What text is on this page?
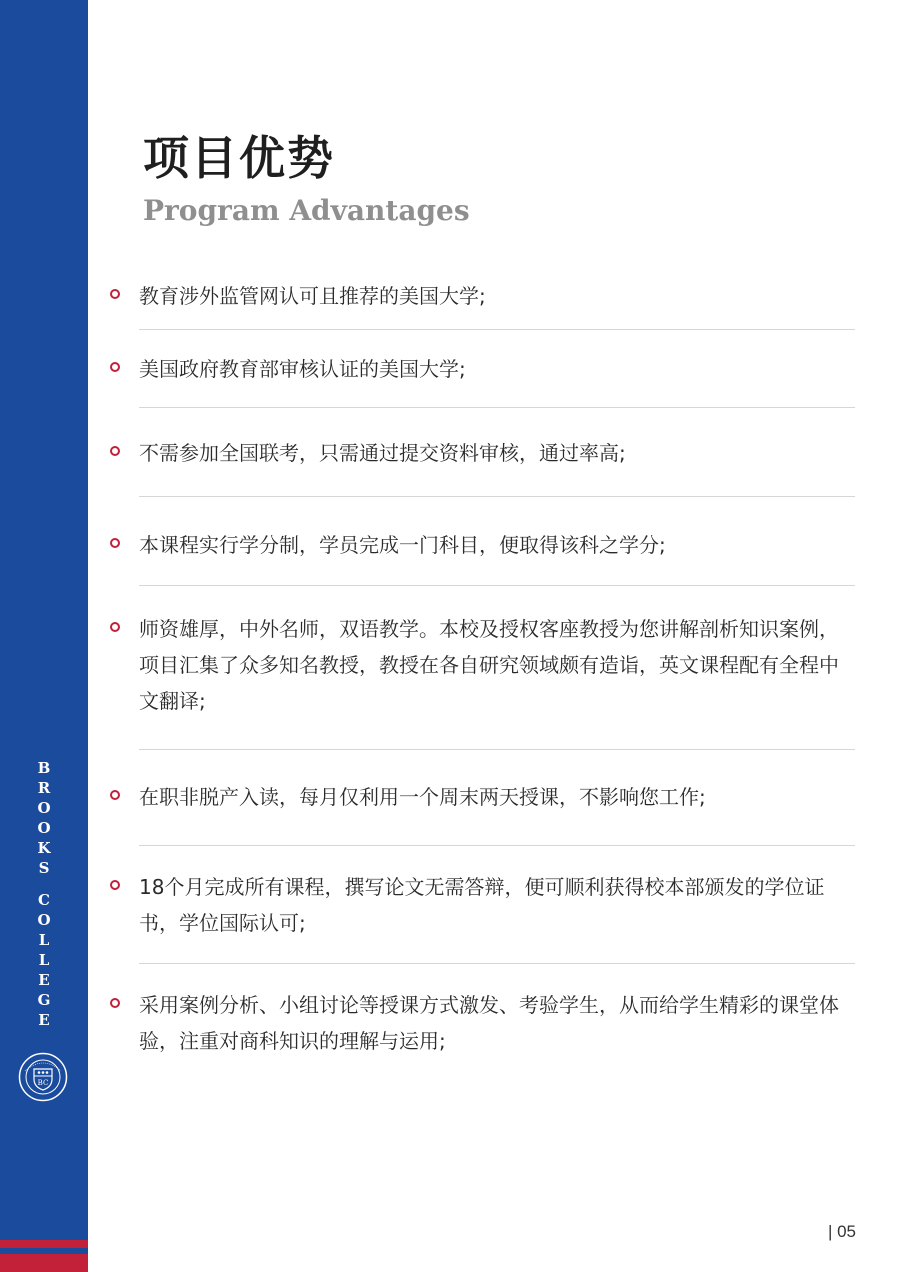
B
R
O
O
K
S
C
O
L
L
E
G
E
BC
项目优势
Program Advantages

教育涉外监管网认可且推荐的美国大学;

美国政府教育部审核认证的美国大学;

不需参加全国联考，只需通过提交资料审核，通过率高;

本课程实行学分制，学员完成一门科目，便取得该科之学分;

师资雄厚，中外名师，双语教学。本校及授权客座教授为您讲解剖析知识案例，项目汇集了众多知名教授，教授在各自研究领域颇有造诣，英文课程配有全程中文翻译;

在职非脱产入读，每月仅利用一个周末两天授课，不影响您工作;

18个月完成所有课程，撰写论文无需答辩，便可顺利获得校本部颁发的学位证书，学位国际认可;

采用案例分析、小组讨论等授课方式激发、考验学生，从而给学生精彩的课堂体验，注重对商科知识的理解与运用;

| 05
